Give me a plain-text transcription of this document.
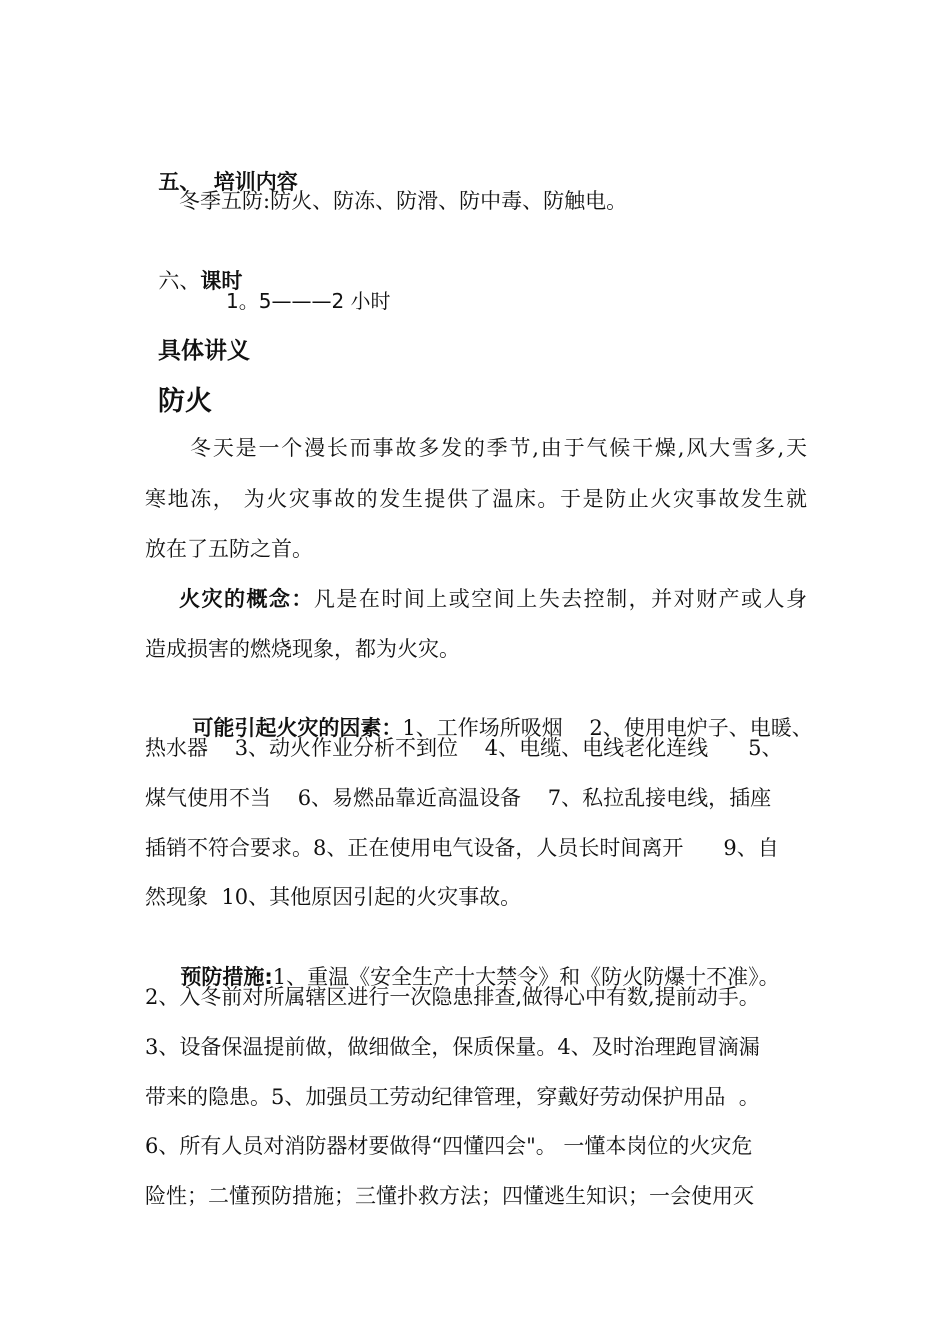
五、 培训内容

冬季五防:防火、防冻、防滑、防中毒、防触电。

六、课时

1。5———2 小时
具体讲义
防火
冬天是一个漫长而事故多发的季节,由于气候干燥,风大雪多,天
寒地冻， 为火灾事故的发生提供了温床。于是防止火灾事故发生就
放在了五防之首。
火灾的概念：凡是在时间上或空间上失去控制，并对财产或人身
造成损害的燃烧现象，都为火灾。

可能引起火灾的因素：1、工作场所吸烟    2、使用电炉子、电暖、

热水器    3、动火作业分析不到位    4、电缆、电线老化连线      5、
煤气使用不当    6、易燃品靠近高温设备    7、私拉乱接电线，插座
插销不符合要求。8、正在使用电气设备，人员长时间离开      9、自
然现象  10、其他原因引起的火灾事故。

预防措施:1、重温《安全生产十大禁令》和《防火防爆十不准》。

2、入冬前对所属辖区进行一次隐患排查,做得心中有数,提前动手。
3、设备保温提前做，做细做全，保质保量。4、及时治理跑冒滴漏
带来的隐患。5、加强员工劳动纪律管理，穿戴好劳动保护用品  。
6、所有人员对消防器材要做得“四懂四会"。 一懂本岗位的火灾危
险性；二懂预防措施；三懂扑救方法；四懂逃生知识；一会使用灭
